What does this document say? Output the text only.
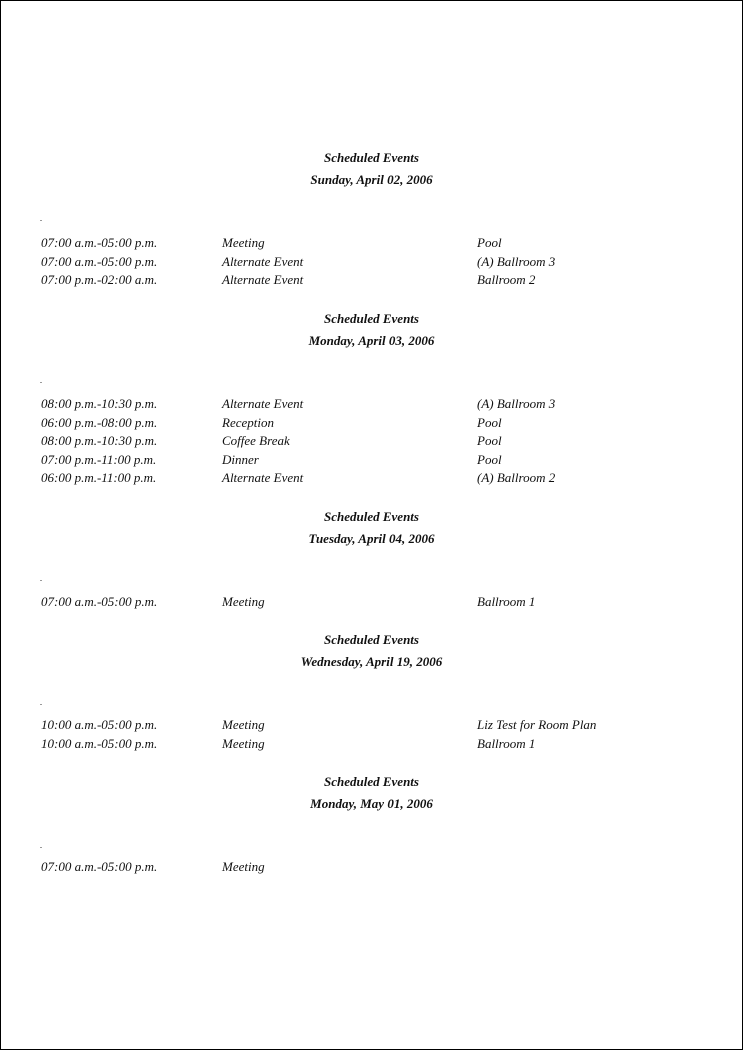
Scheduled Events
Sunday, April 02, 2006
07:00 a.m.-05:00 p.m.	Meeting	Pool
07:00 a.m.-05:00 p.m.	Alternate Event	(A) Ballroom 3
07:00 p.m.-02:00 a.m.	Alternate Event	Ballroom 2
Scheduled Events
Monday, April 03, 2006
08:00 p.m.-10:30 p.m.	Alternate Event	(A) Ballroom 3
06:00 p.m.-08:00 p.m.	Reception	Pool
08:00 p.m.-10:30 p.m.	Coffee Break	Pool
07:00 p.m.-11:00 p.m.	Dinner	Pool
06:00 p.m.-11:00 p.m.	Alternate Event	(A) Ballroom 2
Scheduled Events
Tuesday, April 04, 2006
07:00 a.m.-05:00 p.m.	Meeting	Ballroom 1
Scheduled Events
Wednesday, April 19, 2006
10:00 a.m.-05:00 p.m.	Meeting	Liz Test for Room Plan
10:00 a.m.-05:00 p.m.	Meeting	Ballroom 1
Scheduled Events
Monday, May 01, 2006
07:00 a.m.-05:00 p.m.	Meeting
